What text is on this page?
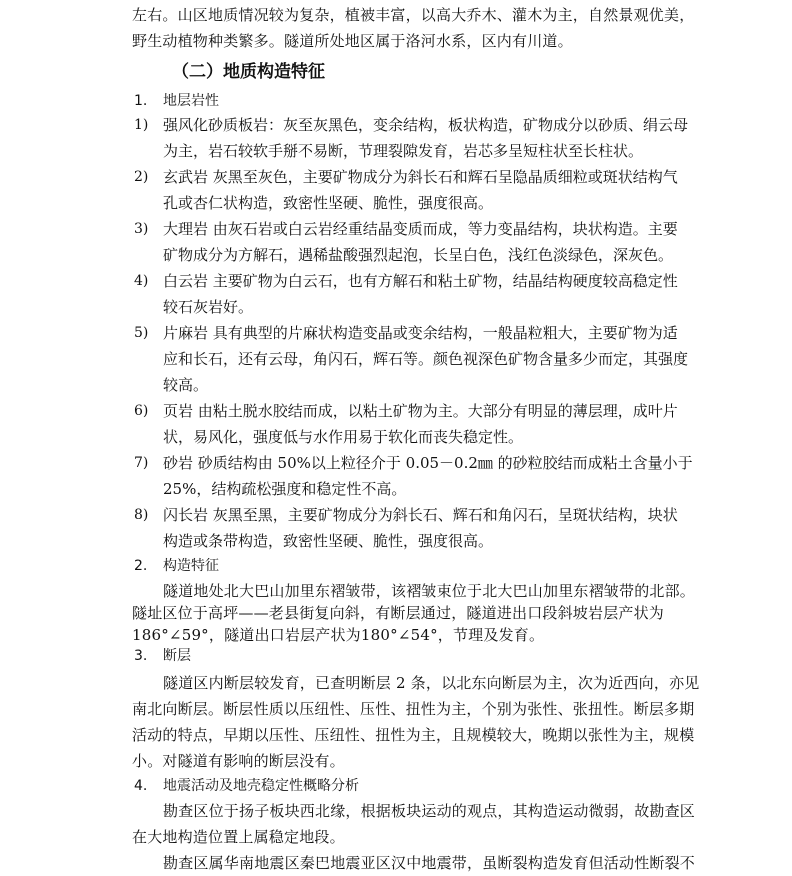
左右。山区地质情况较为复杂，植被丰富，以高大乔木、灌木为主，自然景观优美，
野生动植物种类繁多。隧道所处地区属于洛河水系，区内有川道。
（二）地质构造特征
1. 地层岩性
1) 强风化砂质板岩：灰至灰黑色，变余结构，板状构造，矿物成分以砂质、绢云母
为主，岩石较软手掰不易断，节理裂隙发育，岩芯多呈短柱状至长柱状。
2) 玄武岩 灰黑至灰色，主要矿物成分为斜长石和辉石呈隐晶质细粒或斑状结构气
孔或杏仁状构造，致密性坚硬、脆性，强度很高。
3) 大理岩 由灰石岩或白云岩经重结晶变质而成，等力变晶结构，块状构造。主要
矿物成分为方解石，遇稀盐酸强烈起泡，长呈白色，浅红色淡绿色，深灰色。
4) 白云岩 主要矿物为白云石，也有方解石和粘土矿物，结晶结构硬度较高稳定性
较石灰岩好。
5) 片麻岩 具有典型的片麻状构造变晶或变余结构，一般晶粒粗大，主要矿物为适
应和长石，还有云母，角闪石，辉石等。颜色视深色矿物含量多少而定，其强度
较高。
6) 页岩 由粘土脱水胶结而成，以粘土矿物为主。大部分有明显的薄层理，成叶片
状，易风化，强度低与水作用易于软化而丧失稳定性。
7) 砂岩 砂质结构由 50%以上粒径介于 0.05－0.2㎜ 的砂粒胶结而成粘土含量小于
25%，结构疏松强度和稳定性不高。
8) 闪长岩 灰黑至黑，主要矿物成分为斜长石、辉石和角闪石，呈斑状结构，块状
构造或条带构造，致密性坚硬、脆性，强度很高。
2. 构造特征
隧道地处北大巴山加里东褶皱带，该褶皱束位于北大巴山加里东褶皱带的北部。
隧址区位于高坪——老县街复向斜，有断层通过，隧道进出口段斜坡岩层产状为
186°∠59°，隧道出口岩层产状为180°∠54°，节理及发育。
3. 断层
隧道区内断层较发育，已查明断层 2 条，以北东向断层为主，次为近西向，亦见
南北向断层。断层性质以压纽性、压性、扭性为主，个别为张性、张扭性。断层多期
活动的特点，早期以压性、压纽性、扭性为主，且规模较大，晚期以张性为主，规模
小。对隧道有影响的断层没有。
4. 地震活动及地壳稳定性概略分析
勘查区位于扬子板块西北缘，根据板块运动的观点，其构造运动微弱，故勘查区
在大地构造位置上属稳定地段。
勘查区属华南地震区秦巴地震亚区汉中地震带，虽断裂构造发育但活动性断裂不
